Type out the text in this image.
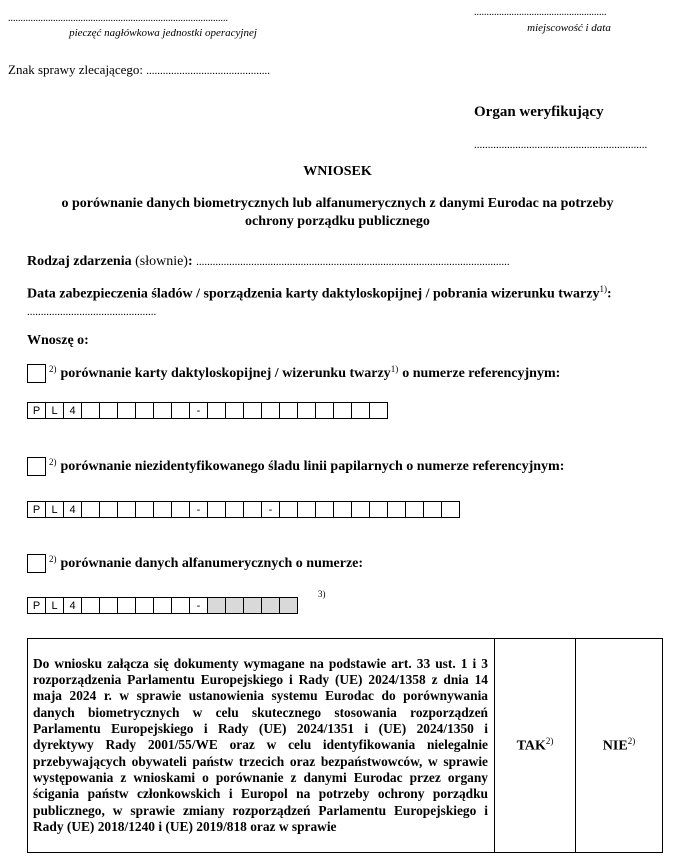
........................................................................................
pieczęć nagłówkowa jednostki operacyjnej
.....................................................
miejscowość i data
Znak sprawy zlecającego: .............................................
Organ weryfikujący
...............................................................
WNIOSEK
o porównanie danych biometrycznych lub alfanumerycznych z danymi Eurodac na potrzeby
ochrony porządku publicznego
Rodzaj zdarzenia (słownie): ..................................................................................................................
Data zabezpieczenia śladów / sporządzenia karty daktyloskopijnej / pobrania wizerunku twarzy$^{1)}$:
...............................................
Wnoszę o:
$^{2)}$ porównanie karty daktyloskopijnej / wizerunku twarzy$^{1)}$ o numerze referencyjnym:
P	L	4	-
$^{2)}$ porównanie niezidentyfikowanego śladu linii papilarnych o numerze referencyjnym:
P	L	4	-	-
$^{2)}$ porównanie danych alfanumerycznych o numerze:
P	L	4	-
3)
Do wniosku załącza się dokumenty wymagane na podstawie art. 33 ust. 1 i 3 rozporządzenia Parlamentu Europejskiego i Rady (UE) 2024/1358 z dnia 14 maja 2024 r. w sprawie ustanowienia systemu Eurodac do porównywania danych biometrycznych w celu skutecznego stosowania rozporządzeń Parlamentu Europejskiego i Rady (UE) 2024/1351 i (UE) 2024/1350 i dyrektywy Rady 2001/55/WE oraz w celu identyfikowania nielegalnie przebywających obywateli państw trzecich oraz bezpaństwowców, w sprawie występowania z wnioskami o porównanie z danymi Eurodac przez organy ścigania państw członkowskich i Europol na potrzeby ochrony porządku publicznego, w sprawie zmiany rozporządzeń Parlamentu Europejskiego i Rady (UE) 2018/1240 i (UE) 2019/818 oraz w sprawie	TAK$^{2)}$	NIE$^{2)}$
